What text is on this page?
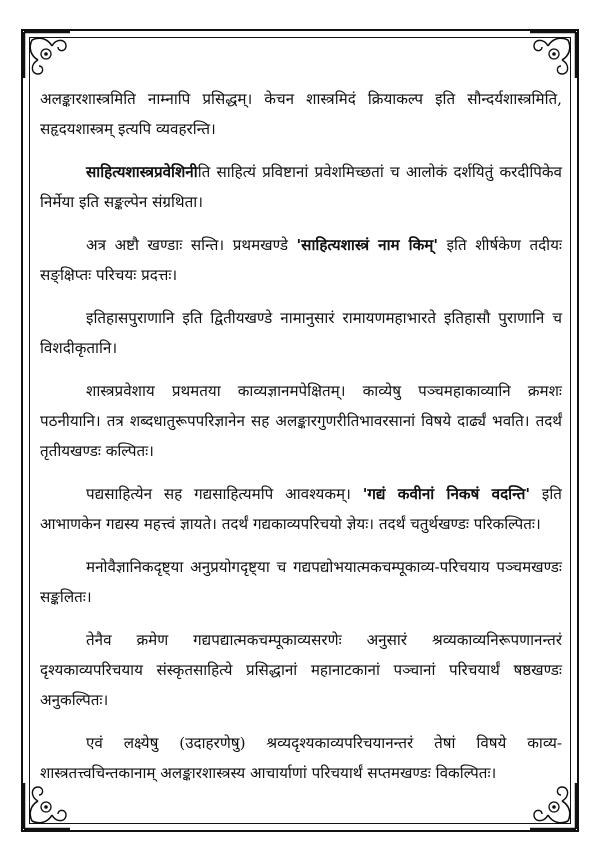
अलङ्कारशास्त्रमिति नाम्नापि प्रसिद्धम्। केचन शास्त्रमिदं क्रियाकल्प इति सौन्दर्यशास्त्रमिति, सहृदयशास्त्रम् इत्यपि व्यवहरन्ति।

साहित्यशास्त्रप्रवेशिनीति साहित्यं प्रविष्टानां प्रवेशमिच्छतां च आलोकं दर्शयितुं करदीपिकेव निर्मेया इति सङ्कल्पेन संग्रथिता।

अत्र अष्टौ खण्डाः सन्ति। प्रथमखण्डे 'साहित्यशास्त्रं नाम किम्' इति शीर्षकेण तदीयः सङ्क्षिप्तः परिचयः प्रदत्तः।

इतिहासपुराणानि इति द्वितीयखण्डे नामानुसारं रामायणमहाभारते इतिहासौ पुराणानि च विशदीकृतानि।

शास्त्रप्रवेशाय प्रथमतया काव्यज्ञानमपेक्षितम्। काव्येषु पञ्चमहाकाव्यानि क्रमशः पठनीयानि। तत्र शब्दधातुरूपपरिज्ञानेन सह अलङ्कारगुणरीतिभावरसानां विषये दार्ढ्यं भवति। तदर्थं तृतीयखण्डः कल्पितः।

पद्यसाहित्येन सह गद्यसाहित्यमपि आवश्यकम्। 'गद्यं कवीनां निकषं वदन्ति' इति आभाणकेन गद्यस्य महत्त्वं ज्ञायते। तदर्थं गद्यकाव्यपरिचयो ज्ञेयः। तदर्थं चतुर्थखण्डः परिकल्पितः।

मनोवैज्ञानिकदृष्ट्या अनुप्रयोगदृष्ट्या च गद्यपद्योभयात्मकचम्पूकाव्य-परिचयाय पञ्चमखण्डः सङ्कलितः।

तेनैव क्रमेण गद्यपद्यात्मकचम्पूकाव्यसरणेः अनुसारं श्रव्यकाव्यनिरूपणानन्तरं दृश्यकाव्यपरिचयाय संस्कृतसाहित्ये प्रसिद्धानां महानाटकानां पञ्चानां परिचयार्थं षष्ठखण्डः अनुकल्पितः।

एवं लक्ष्येषु (उदाहरणेषु) श्रव्यदृश्यकाव्यपरिचयानन्तरं तेषां विषये काव्य-शास्त्रतत्त्वचिन्तकानाम् अलङ्कारशास्त्रस्य आचार्याणां परिचयार्थं सप्तमखण्डः विकल्पितः।
